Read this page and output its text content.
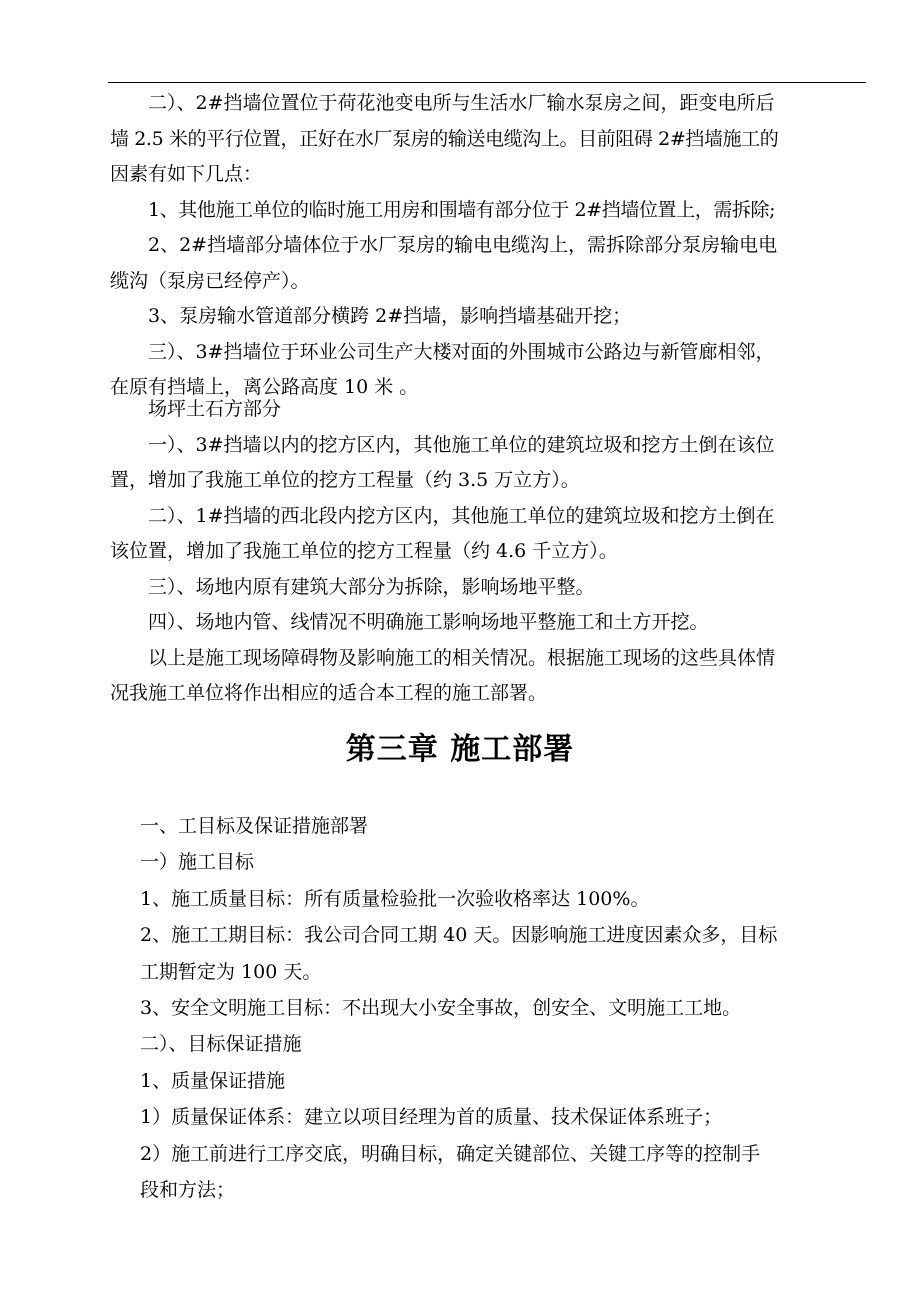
二）、2#挡墙位置位于荷花池变电所与生活水厂输水泵房之间，距变电所后

墙 2.5 米的平行位置，正好在水厂泵房的输送电缆沟上。目前阻碍 2#挡墙施工的

因素有如下几点：

1、其他施工单位的临时施工用房和围墙有部分位于 2#挡墙位置上，需拆除;

2、2#挡墙部分墙体位于水厂泵房的输电电缆沟上，需拆除部分泵房输电电

缆沟（泵房已经停产）。

3、泵房输水管道部分横跨 2#挡墙，影响挡墙基础开挖；

三）、3#挡墙位于环业公司生产大楼对面的外围城市公路边与新管廊相邻，

在原有挡墙上，离公路高度 10 米 。

场坪土石方部分

一）、3#挡墙以内的挖方区内，其他施工单位的建筑垃圾和挖方土倒在该位

置，增加了我施工单位的挖方工程量（约 3.5 万立方）。

二）、1#挡墙的西北段内挖方区内，其他施工单位的建筑垃圾和挖方土倒在

该位置，增加了我施工单位的挖方工程量（约 4.6 千立方）。

三）、场地内原有建筑大部分为拆除，影响场地平整。

四）、场地内管、线情况不明确施工影响场地平整施工和土方开挖。

以上是施工现场障碍物及影响施工的相关情况。根据施工现场的这些具体情

况我施工单位将作出相应的适合本工程的施工部署。

第三章 施工部署

一、工目标及保证措施部署

一）施工目标

1、施工质量目标：所有质量检验批一次验收格率达 100%。

2、施工工期目标：我公司合同工期 40 天。因影响施工进度因素众多，目标

工期暂定为 100 天。

3、安全文明施工目标：不出现大小安全事故，创安全、文明施工工地。

二）、目标保证措施

1、质量保证措施

1）质量保证体系：建立以项目经理为首的质量、技术保证体系班子；

2）施工前进行工序交底，明确目标，确定关键部位、关键工序等的控制手

段和方法；
